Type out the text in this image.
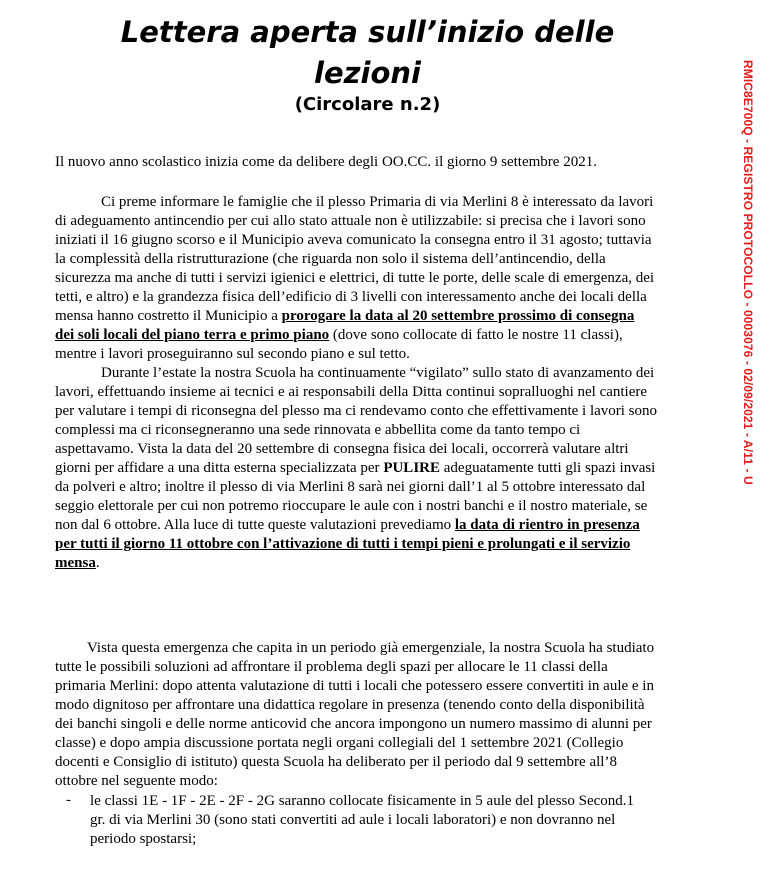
Lettera aperta sull’inizio delle
lezioni
(Circolare n.2)
Il nuovo anno scolastico inizia come da delibere degli OO.CC. il giorno 9 settembre 2021.
Ci preme informare le famiglie che il plesso Primaria di via Merlini 8 è interessato da lavori
di adeguamento antincendio per cui allo stato attuale non è utilizzabile: si precisa che i lavori sono
iniziati il 16 giugno scorso e il Municipio aveva comunicato la consegna entro il 31 agosto; tuttavia
la complessità della ristrutturazione (che riguarda non solo il sistema dell’antincendio, della
sicurezza ma anche di tutti i servizi igienici e elettrici, di tutte le porte, delle scale di emergenza, dei
tetti, e altro) e la grandezza fisica dell’edificio di 3 livelli con interessamento anche dei locali della
mensa hanno costretto il Municipio a prorogare la data al 20 settembre prossimo di consegna
dei soli locali del piano terra e primo piano (dove sono collocate di fatto le nostre 11 classi),
mentre i lavori proseguiranno sul secondo piano e sul tetto.
Durante l’estate la nostra Scuola ha continuamente “vigilato” sullo stato di avanzamento dei
lavori, effettuando insieme ai tecnici e ai responsabili della Ditta continui sopralluoghi nel cantiere
per valutare i tempi di riconsegna del plesso ma ci rendevamo conto che effettivamente i lavori sono
complessi ma ci riconsegneranno una sede rinnovata e abbellita come da tanto tempo ci
aspettavamo. Vista la data del 20 settembre di consegna fisica dei locali, occorrerà valutare altri
giorni per affidare a una ditta esterna specializzata per PULIRE adeguatamente tutti gli spazi invasi
da polveri e altro; inoltre il plesso di via Merlini 8 sarà nei giorni dall’1 al 5 ottobre interessato dal
seggio elettorale per cui non potremo rioccupare le aule con i nostri banchi e il nostro materiale, se
non dal 6 ottobre. Alla luce di tutte queste valutazioni prevediamo la data di rientro in presenza
per tutti il giorno 11 ottobre con l’attivazione di tutti i tempi pieni e prolungati e il servizio
mensa.
Vista questa emergenza che capita in un periodo già emergenziale, la nostra Scuola ha studiato
tutte le possibili soluzioni ad affrontare il problema degli spazi per allocare le 11 classi della
primaria Merlini: dopo attenta valutazione di tutti i locali che potessero essere convertiti in aule e in
modo dignitoso per affrontare una didattica regolare in presenza (tenendo conto della disponibilità
dei banchi singoli e delle norme anticovid che ancora impongono un numero massimo di alunni per
classe) e dopo ampia discussione portata negli organi collegiali del 1 settembre 2021 (Collegio
docenti e Consiglio di istituto) questa Scuola ha deliberato per il periodo dal 9 settembre all’8
ottobre nel seguente modo:
- le classi 1E - 1F - 2E - 2F - 2G saranno collocate fisicamente in 5 aule del plesso Second.1
gr. di via Merlini 30 (sono stati convertiti ad aule i locali laboratori) e non dovranno nel
periodo spostarsi;
RMIC8E700Q - REGISTRO PROTOCOLLO - 0003076 - 02/09/2021 - A/11 - U
